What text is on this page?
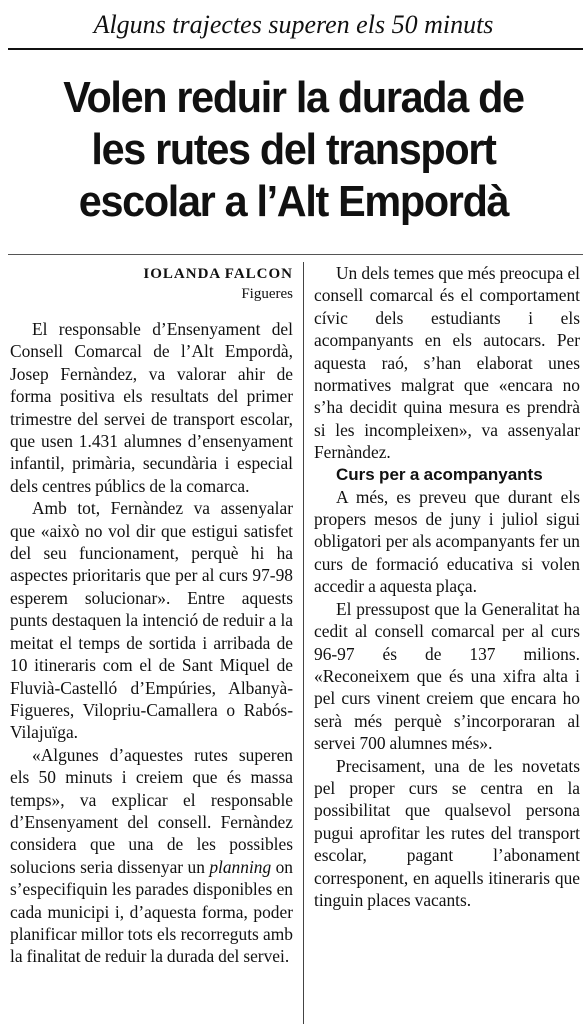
Alguns trajectes superen els 50 minuts
Volen reduir la durada de
les rutes del transport
escolar a l’Alt Empordà
IOLANDA FALCON
Figueres

El responsable d’Ensenyament del Consell Comarcal de l’Alt Empordà, Josep Fernàndez, va valorar ahir de forma positiva els resultats del primer trimestre del servei de transport escolar, que usen 1.431 alumnes d’ensenyament infantil, primària, secundària i especial dels centres públics de la comarca.

Amb tot, Fernàndez va assenyalar que «això no vol dir que estigui satisfet del seu funcionament, perquè hi ha aspectes prioritaris que per al curs 97-98 esperem solucionar». Entre aquests punts destaquen la intenció de reduir a la meitat el temps de sortida i arribada de 10 itineraris com el de Sant Miquel de Fluvià-Castelló d’Empúries, Albanyà-Figueres, Vilopriu-Camallera o Rabós-Vilajuïga.

«Algunes d’aquestes rutes superen els 50 minuts i creiem que és massa temps», va explicar el responsable d’Ensenyament del consell. Fernàndez considera que una de les possibles solucions seria dissenyar un planning on s’especifiquin les parades disponibles en cada municipi i, d’aquesta forma, poder planificar millor tots els recorreguts amb la finalitat de reduir la durada del servei.

Un dels temes que més preocupa el consell comarcal és el comportament cívic dels estudiants i els acompanyants en els autocars. Per aquesta raó, s’han elaborat unes normatives malgrat que «encara no s’ha decidit quina mesura es prendrà si les incompleixen», va assenyalar Fernàndez.

Curs per a acompanyants

A més, es preveu que durant els propers mesos de juny i juliol sigui obligatori per als acompanyants fer un curs de formació educativa si volen accedir a aquesta plaça.

El pressupost que la Generalitat ha cedit al consell comarcal per al curs 96-97 és de 137 milions. «Reconeixem que és una xifra alta i pel curs vinent creiem que encara ho serà més perquè s’incorporaran al servei 700 alumnes més».

Precisament, una de les novetats pel proper curs se centra en la possibilitat que qualsevol persona pugui aprofitar les rutes del transport escolar, pagant l’abonament corresponent, en aquells itineraris que tinguin places vacants.
